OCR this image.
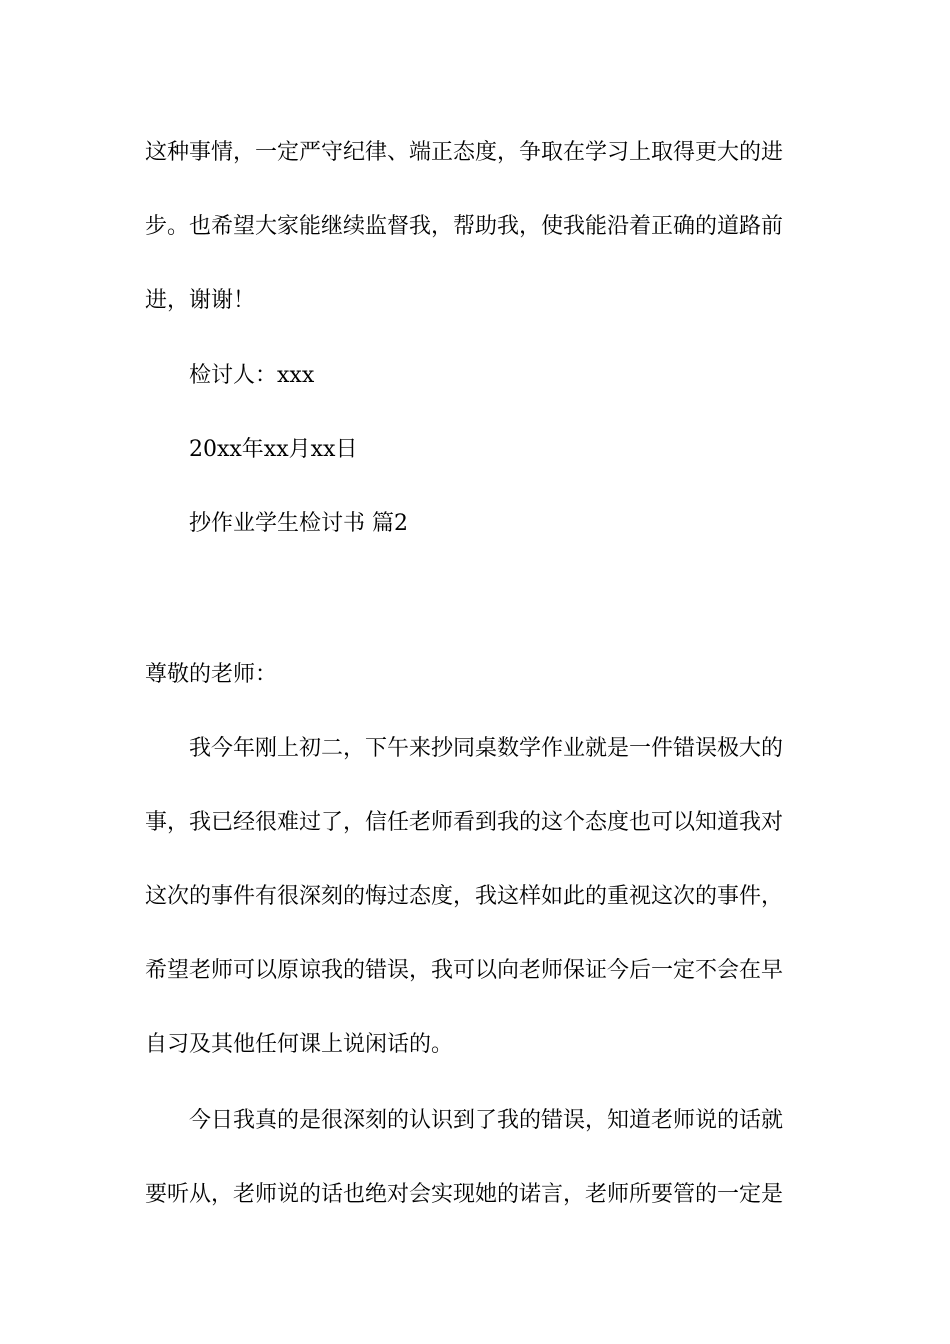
这种事情，一定严守纪律、端正态度，争取在学习上取得更大的进
步。也希望大家能继续监督我，帮助我，使我能沿着正确的道路前
进，谢谢！
检讨人：xxx
20xx年xx月xx日
抄作业学生检讨书 篇2
尊敬的老师：
我今年刚上初二，下午来抄同桌数学作业就是一件错误极大的
事，我已经很难过了，信任老师看到我的这个态度也可以知道我对
这次的事件有很深刻的悔过态度，我这样如此的重视这次的事件，
希望老师可以原谅我的错误，我可以向老师保证今后一定不会在早
自习及其他任何课上说闲话的。
今日我真的是很深刻的认识到了我的错误，知道老师说的话就
要听从，老师说的话也绝对会实现她的诺言，老师所要管的一定是
